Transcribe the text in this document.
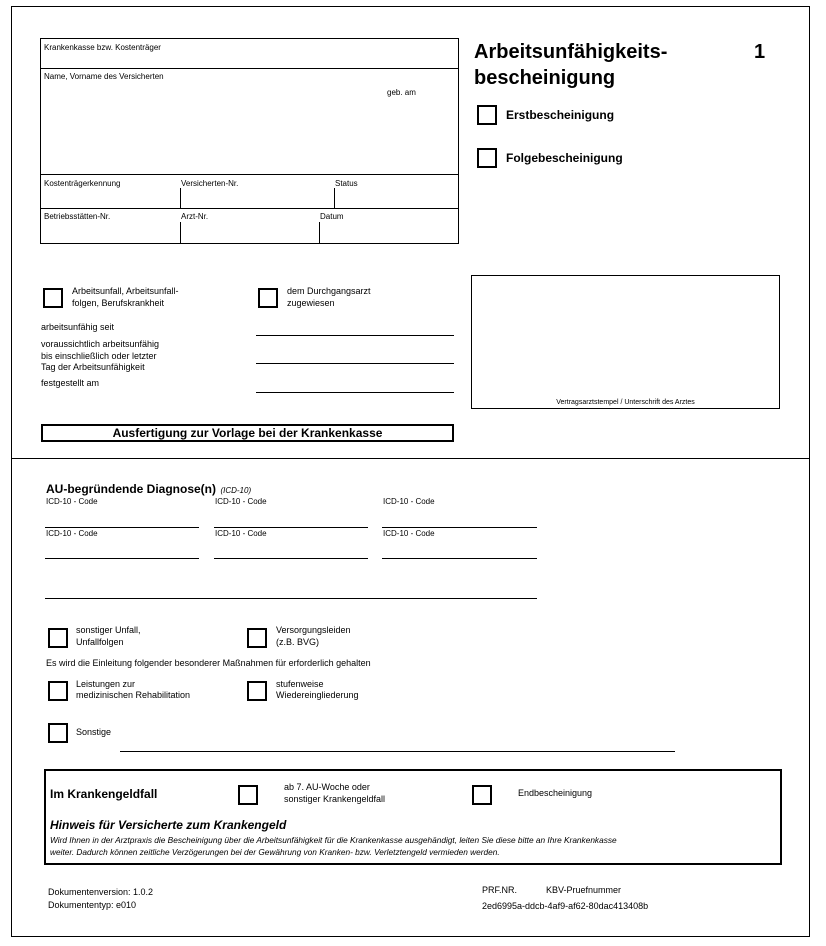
Krankenkasse bzw. Kostenträger
Name, Vorname des Versicherten
geb. am
Kostenträgerkennung	Versicherten-Nr.	Status
Betriebsstätten-Nr.	Arzt-Nr.	Datum
Arbeitsunfähigkeits-
bescheinigung
1
Erstbescheinigung
Folgebescheinigung
Arbeitsunfall, Arbeitsunfall-
folgen, Berufskrankheit
dem Durchgangsarzt
zugewiesen
arbeitsunfähig seit
voraussichtlich arbeitsunfähig
bis einschließlich oder letzter
Tag der Arbeitsunfähigkeit
festgestellt am
Vertragsarztstempel / Unterschrift des Arztes
Ausfertigung zur Vorlage bei der Krankenkasse
AU-begründende Diagnose(n) (ICD-10)
ICD-10 - Code	ICD-10 - Code	ICD-10 - Code
ICD-10 - Code	ICD-10 - Code	ICD-10 - Code
sonstiger Unfall,
Unfallfolgen
Versorgungsleiden
(z.B. BVG)
Es wird die Einleitung folgender besonderer Maßnahmen für erforderlich gehalten
Leistungen zur
medizinischen Rehabilitation
stufenweise
Wiedereingliederung
Sonstige
Im Krankengeldfall	ab 7. AU-Woche oder
sonstiger Krankengeldfall
Endbescheinigung
Hinweis für Versicherte zum Krankengeld
Wird Ihnen in der Arztpraxis die Bescheinigung über die Arbeitsunfähigkeit für die Krankenkasse ausgehändigt, leiten Sie diese bitte an Ihre Krankenkasse
weiter. Dadurch können zeitliche Verzögerungen bei der Gewährung von Kranken- bzw. Verletztengeld vermieden werden.
Dokumentenversion: 1.0.2
Dokumententyp: e010
PRF.NR.	KBV-Pruefnummer
2ed6995a-ddcb-4af9-af62-80dac413408b
